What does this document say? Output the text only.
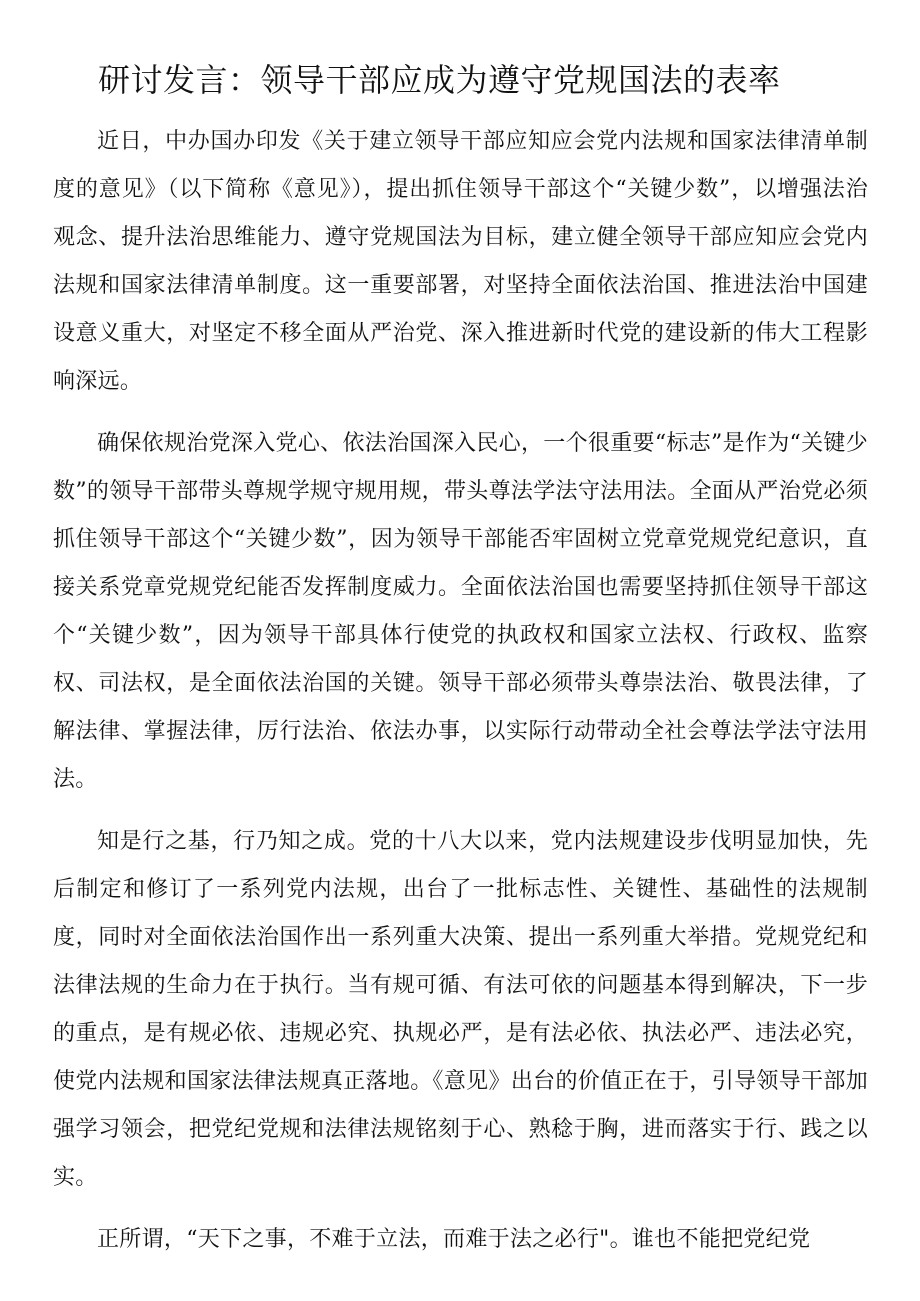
研讨发言：领导干部应成为遵守党规国法的表率

近日，中办国办印发《关于建立领导干部应知应会党内法规和国家法律清单制度的意见》（以下简称《意见》），提出抓住领导干部这个“关键少数”，以增强法治观念、提升法治思维能力、遵守党规国法为目标，建立健全领导干部应知应会党内法规和国家法律清单制度。这一重要部署，对坚持全面依法治国、推进法治中国建设意义重大，对坚定不移全面从严治党、深入推进新时代党的建设新的伟大工程影响深远。

确保依规治党深入党心、依法治国深入民心，一个很重要“标志”是作为“关键少数”的领导干部带头尊规学规守规用规，带头尊法学法守法用法。全面从严治党必须抓住领导干部这个“关键少数”，因为领导干部能否牢固树立党章党规党纪意识，直接关系党章党规党纪能否发挥制度威力。全面依法治国也需要坚持抓住领导干部这个“关键少数”，因为领导干部具体行使党的执政权和国家立法权、行政权、监察权、司法权，是全面依法治国的关键。领导干部必须带头尊崇法治、敬畏法律，了解法律、掌握法律，厉行法治、依法办事，以实际行动带动全社会尊法学法守法用法。

知是行之基，行乃知之成。党的十八大以来，党内法规建设步伐明显加快，先后制定和修订了一系列党内法规，出台了一批标志性、关键性、基础性的法规制度，同时对全面依法治国作出一系列重大决策、提出一系列重大举措。党规党纪和法律法规的生命力在于执行。当有规可循、有法可依的问题基本得到解决，下一步的重点，是有规必依、违规必究、执规必严，是有法必依、执法必严、违法必究，使党内法规和国家法律法规真正落地。《意见》出台的价值正在于，引导领导干部加强学习领会，把党纪党规和法律法规铭刻于心、熟稔于胸，进而落实于行、践之以实。

正所谓，“天下之事，不难于立法，而难于法之必行"。谁也不能把党纪党
